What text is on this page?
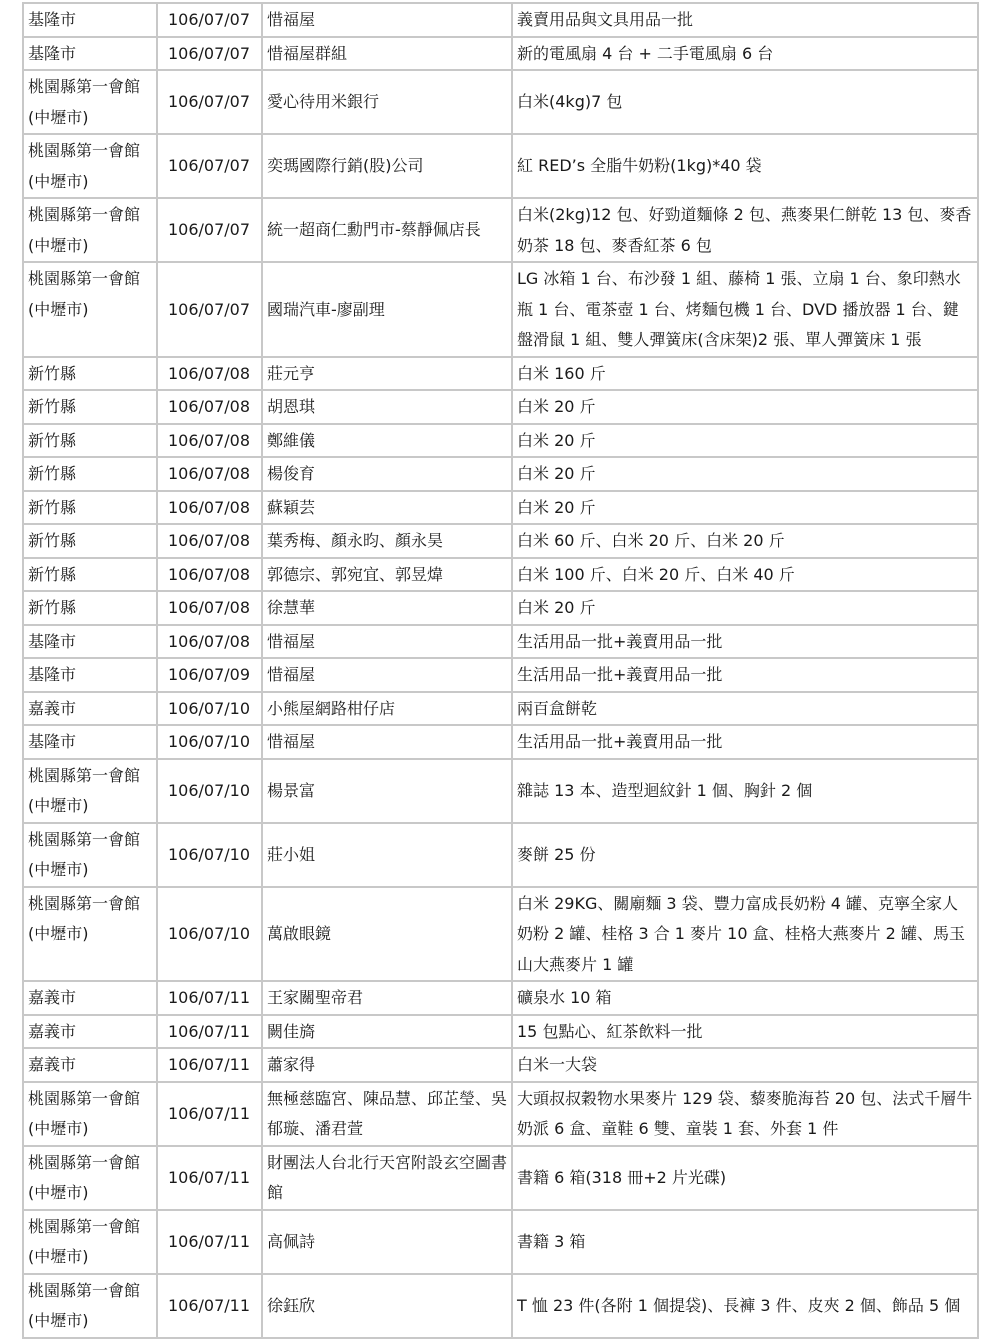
基隆市	106/07/07	惜福屋	義賣用品與文具用品一批
基隆市	106/07/07	惜福屋群組	新的電風扇 4 台 + 二手電風扇 6 台
桃園縣第一會館(中壢市)	106/07/07	愛心待用米銀行	白米(4kg)7 包
桃園縣第一會館(中壢市)	106/07/07	奕瑪國際行銷(股)公司	紅 RED’s 全脂牛奶粉(1kg)*40 袋
桃園縣第一會館(中壢市)	106/07/07	統一超商仁勳門市-蔡靜佩店長	白米(2kg)12 包、好勁道麵條 2 包、燕麥果仁餅乾 13 包、麥香奶茶 18 包、麥香紅茶 6 包
桃園縣第一會館(中壢市)	106/07/07	國瑞汽車-廖副理	LG 冰箱 1 台、布沙發 1 組、藤椅 1 張、立扇 1 台、象印熱水瓶 1 台、電茶壺 1 台、烤麵包機 1 台、DVD 播放器 1 台、鍵盤滑鼠 1 組、雙人彈簧床(含床架)2 張、單人彈簧床 1 張
新竹縣	106/07/08	莊元亨	白米 160 斤
新竹縣	106/07/08	胡恩琪	白米 20 斤
新竹縣	106/07/08	鄭維儀	白米 20 斤
新竹縣	106/07/08	楊俊育	白米 20 斤
新竹縣	106/07/08	蘇穎芸	白米 20 斤
新竹縣	106/07/08	葉秀梅、顏永昀、顏永昊	白米 60 斤、白米 20 斤、白米 20 斤
新竹縣	106/07/08	郭德宗、郭宛宜、郭昱煒	白米 100 斤、白米 20 斤、白米 40 斤
新竹縣	106/07/08	徐慧華	白米 20 斤
基隆市	106/07/08	惜福屋	生活用品一批+義賣用品一批
基隆市	106/07/09	惜福屋	生活用品一批+義賣用品一批
嘉義市	106/07/10	小熊屋網路柑仔店	兩百盒餅乾
基隆市	106/07/10	惜福屋	生活用品一批+義賣用品一批
桃園縣第一會館(中壢市)	106/07/10	楊景富	雜誌 13 本、造型迴紋針 1 個、胸針 2 個
桃園縣第一會館(中壢市)	106/07/10	莊小姐	麥餅 25 份
桃園縣第一會館(中壢市)	106/07/10	萬啟眼鏡	白米 29KG、關廟麵 3 袋、豐力富成長奶粉 4 罐、克寧全家人奶粉 2 罐、桂格 3 合 1 麥片 10 盒、桂格大燕麥片 2 罐、馬玉山大燕麥片 1 罐
嘉義市	106/07/11	王家關聖帝君	礦泉水 10 箱
嘉義市	106/07/11	闕佳旖	15 包點心、紅茶飲料一批
嘉義市	106/07/11	蕭家得	白米一大袋
桃園縣第一會館(中壢市)	106/07/11	無極慈臨宮、陳品慧、邱芷瑩、吳郁璇、潘君萱	大頭叔叔穀物水果麥片 129 袋、藜麥脆海苔 20 包、法式千層牛奶派 6 盒、童鞋 6 雙、童裝 1 套、外套 1 件
桃園縣第一會館(中壢市)	106/07/11	財團法人台北行天宮附設玄空圖書館	書籍 6 箱(318 冊+2 片光碟)
桃園縣第一會館(中壢市)	106/07/11	高佩詩	書籍 3 箱
桃園縣第一會館(中壢市)	106/07/11	徐鈺欣	T 恤 23 件(各附 1 個提袋)、長褲 3 件、皮夾 2 個、飾品 5 個
